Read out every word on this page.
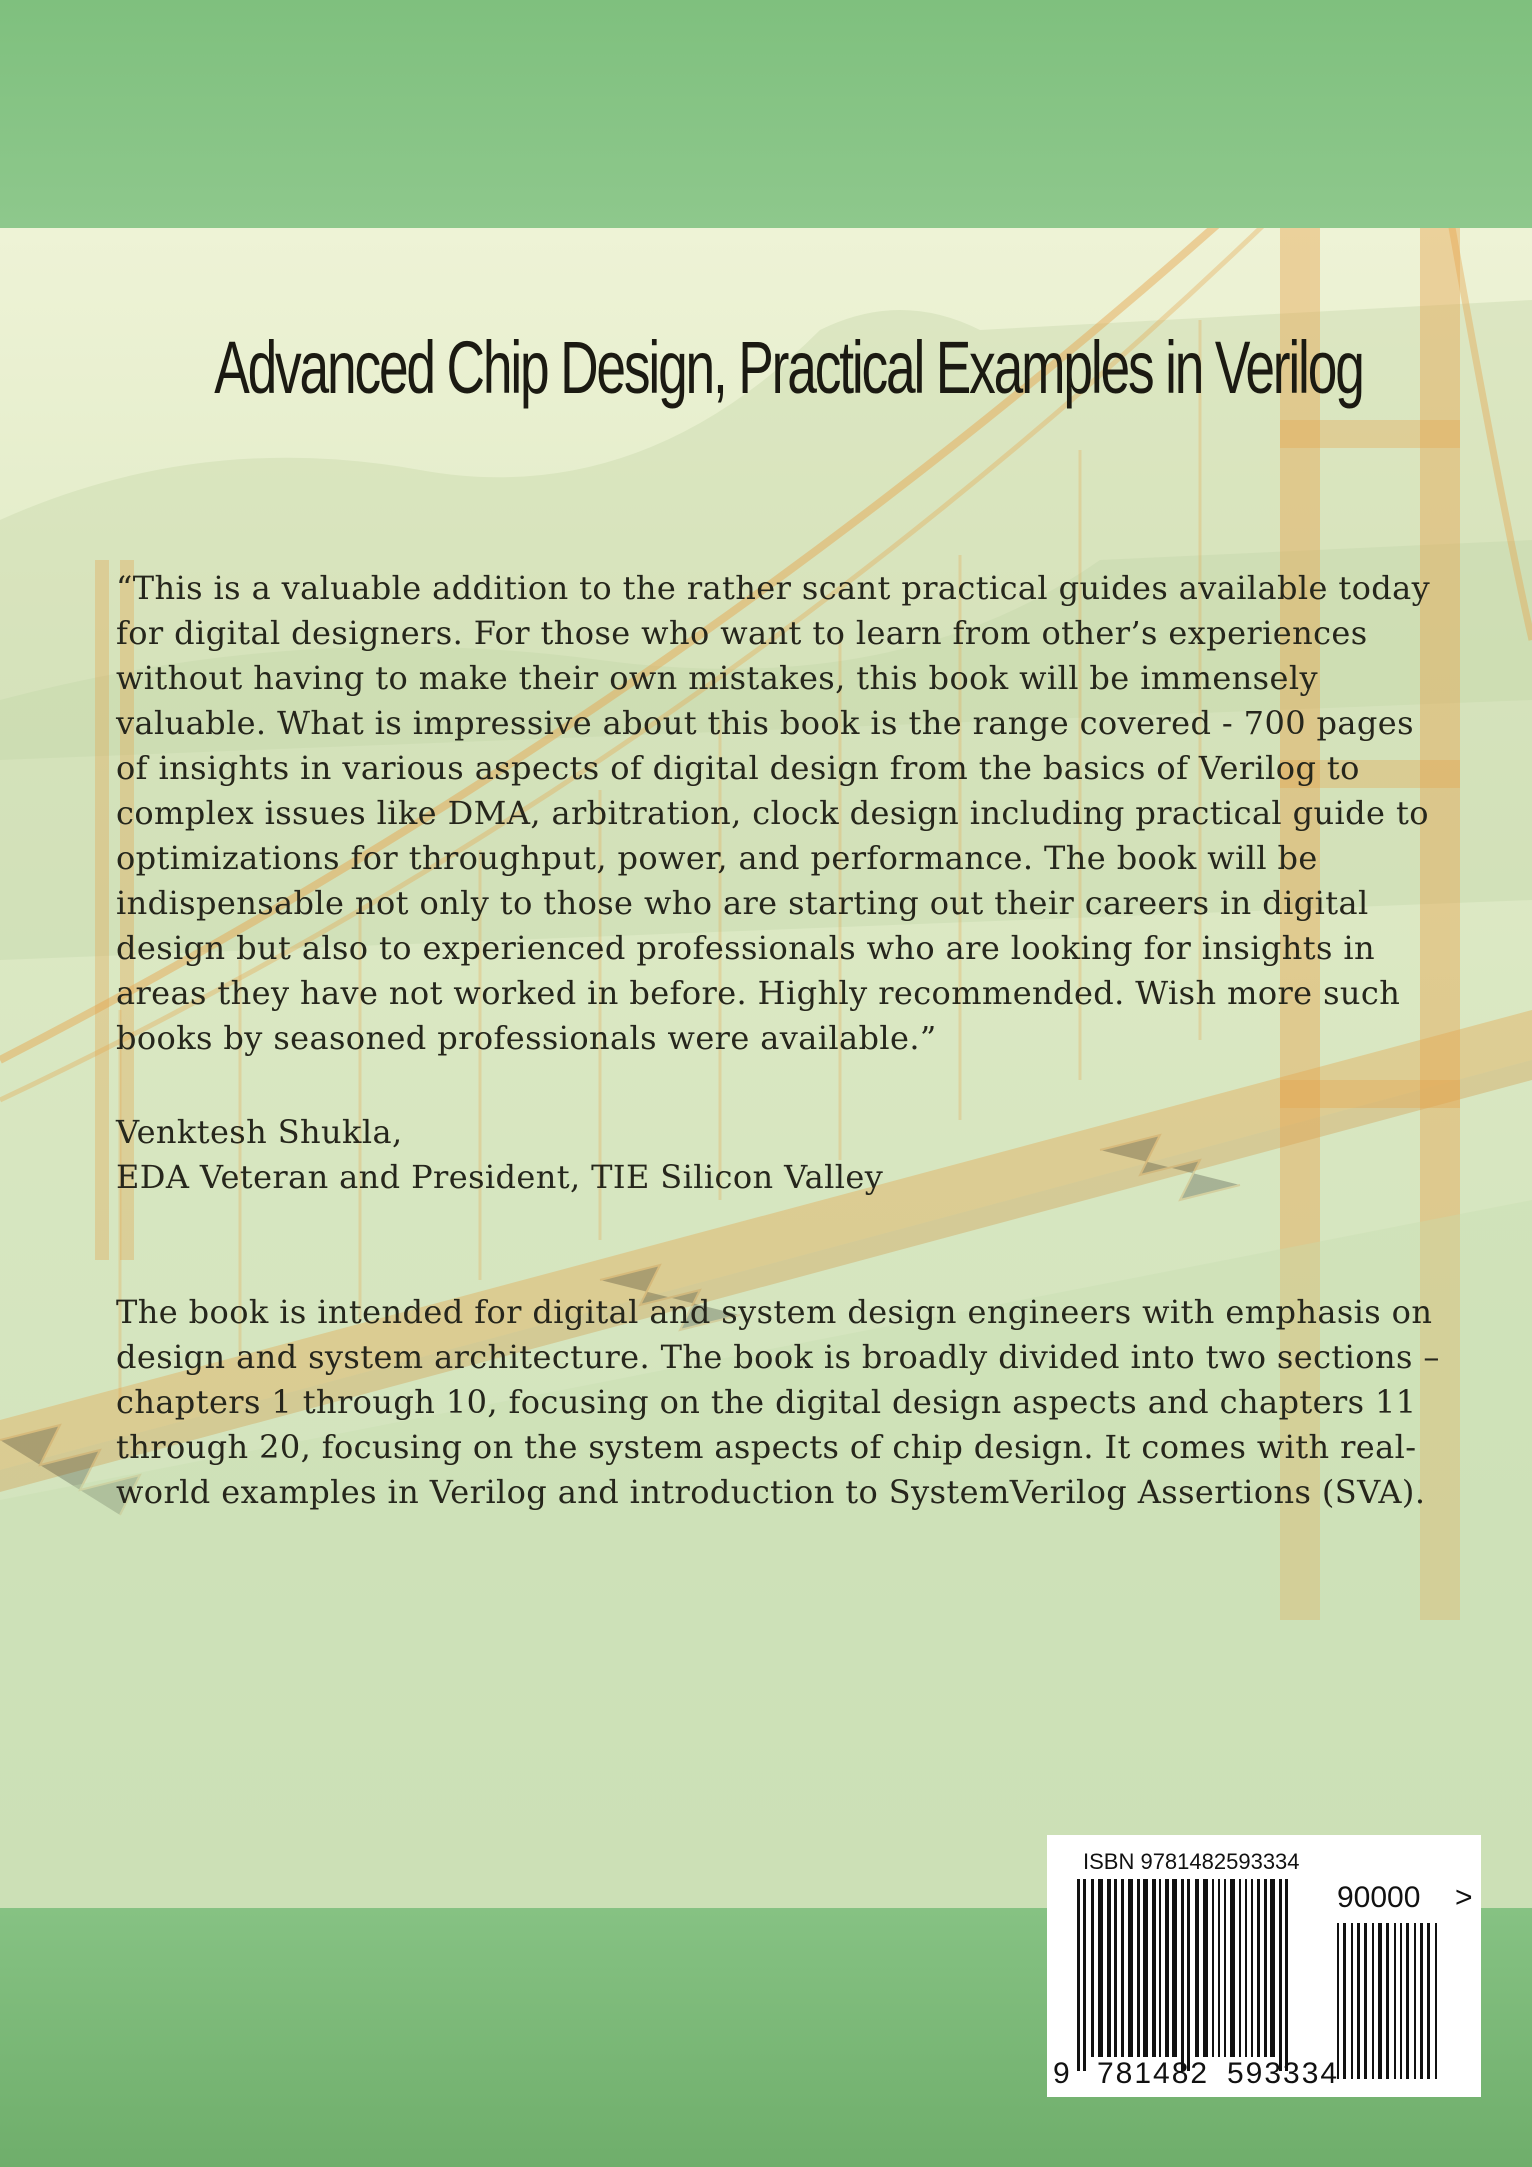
Advanced Chip Design, Practical Examples in Verilog
“This is a valuable addition to the rather scant practical guides available today for digital designers. For those who want to learn from other’s experiences without having to make their own mistakes, this book will be immensely valuable. What is impressive about this book is the range covered - 700 pages of insights in various aspects of digital design from the basics of Verilog to complex issues like DMA, arbitration, clock design including practical guide to optimizations for throughput, power, and performance. The book will be indispensable not only to those who are starting out their careers in digital design but also to experienced professionals who are looking for insights in areas they have not worked in before. Highly recommended. Wish more such books by seasoned professionals were available.”
Venktesh Shukla,
EDA Veteran and President, TIE Silicon Valley
The book is intended for digital and system design engineers with emphasis on design and system architecture. The book is broadly divided into two sections – chapters 1 through 10, focusing on the digital design aspects and chapters 11 through 20, focusing on the system aspects of chip design. It comes with real-world examples in Verilog and introduction to SystemVerilog Assertions (SVA).
ISBN 9781482593334
90000 >
9 781482 593334
